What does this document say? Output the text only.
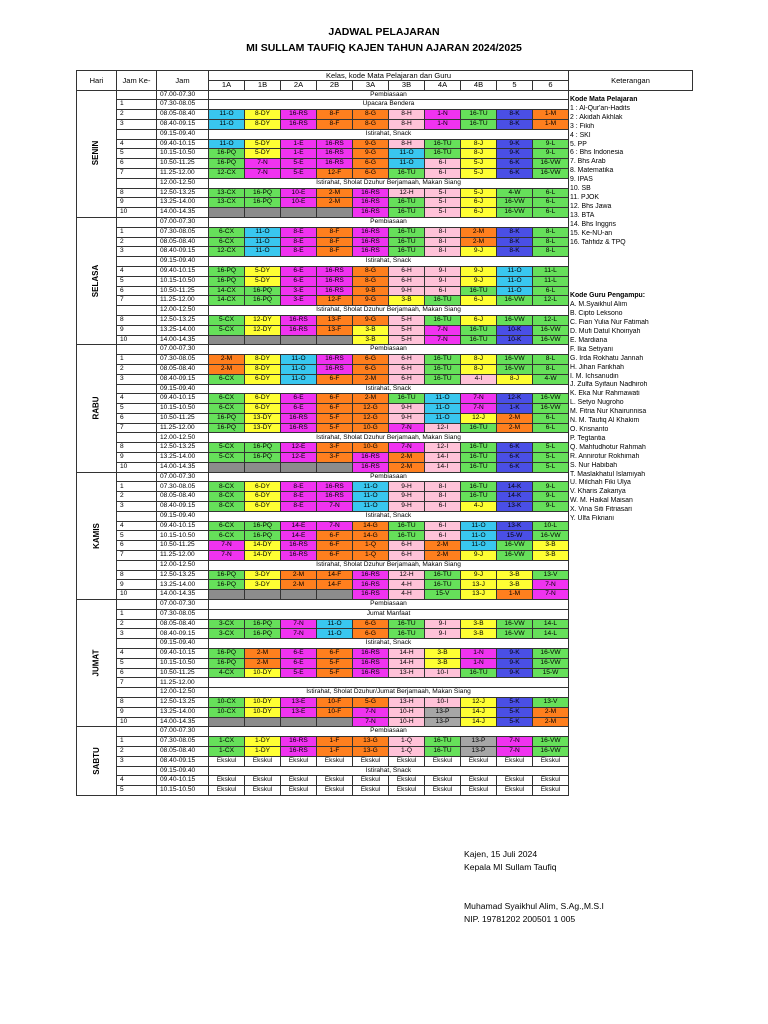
JADWAL PELAJARAN
MI SULLAM TAUFIQ KAJEN TAHUN AJARAN 2024/2025
Hari	Jam Ke-	Jam	Kelas, kode Mata Pelajaran dan Guru										Keterangan
			1A	1B	2A	2B	3A	3B	4A	4B	5	6	
SENIN		07.00-07.30	Pembiasaan										
	1	07.30-08.05	Upacara Bendera										
	2	08.05-08.40	11-O	8-DY	16-RS	8-F	8-G	8-H	1-N	16-TU	8-K	1-M	
	3	08.40-09.15	11-O	8-DY	16-RS	8-F	8-G	8-H	1-N	16-TU	8-K	1-M	
		09.15-09.40	Istirahat, Snack										
	4	09.40-10.15	11-O	5-DY	1-E	16-RS	9-G	8-H	16-TU	8-J	9-K	9-L	
	5	10.15-10.50	16-PQ	5-DY	1-E	16-RS	9-G	11-O	16-TU	8-J	9-K	9-L	
	6	10.50-11.25	16-PQ	7-N	5-E	16-RS	6-G	11-O	6-I	5-J	6-K	16-VW	
	7	11.25-12.00	12-CX	7-N	5-E	12-F	6-G	16-TU	6-I	5-J	6-K	16-VW	
		12.00-12.50	Istirahat, Sholat Dzuhur Berjamaah, Makan Siang										
	8	12.50-13.25	13-CX	16-PQ	10-E	2-M	16-RS	12-H	5-I	5-J	4-W	6-L	
	9	13.25-14.00	13-CX	16-PQ	10-E	2-M	16-RS	16-TU	5-I	6-J	16-VW	6-L	
	10	14.00-14.35					16-RS	16-TU	5-I	6-J	16-VW	6-L	
SELASA		07.00-07.30	Pembiasaan										
	1	07.30-08.05	6-CX	11-O	8-E	8-F	16-RS	16-TU	8-I	2-M	8-K	8-L	
	2	08.05-08.40	6-CX	11-O	8-E	8-F	16-RS	16-TU	8-I	2-M	8-K	8-L	
	3	08.40-09.15	12-CX	11-O	8-E	8-F	16-RS	16-TU	8-I	9-J	8-K	8-L	
		09.15-09.40	Istirahat, Snack										
	4	09.40-10.15	16-PQ	5-DY	6-E	16-RS	8-G	6-H	9-I	9-J	11-O	11-L	
	5	10.15-10.50	16-PQ	5-DY	6-E	16-RS	8-G	6-H	9-I	9-J	11-O	11-L	
	6	10.50-11.25	14-CX	16-PQ	3-E	16-RS	9-B	9-H	6-I	16-TU	11-O	6-L	
	7	11.25-12.00	14-CX	16-PQ	3-E	12-F	9-G	3-B	16-TU	6-J	16-VW	12-L	
		12.00-12.50	Istirahat, Sholat Dzuhur Berjamaah, Makan Siang										
	8	12.50-13.25	5-CX	12-DY	16-RS	13-F	9-G	5-H	16-TU	6-J	16-VW	12-L	
	9	13.25-14.00	5-CX	12-DY	16-RS	13-F	3-B	5-H	7-N	16-TU	10-K	16-VW	
	10	14.00-14.35					3-B	5-H	7-N	16-TU	10-K	16-VW	
RABU		07.00-07.30	Pembiasaan										
	1	07.30-08.05	2-M	8-DY	11-O	16-RS	6-G	6-H	16-TU	8-J	16-VW	8-L	
	2	08.05-08.40	2-M	8-DY	11-O	16-RS	6-G	6-H	16-TU	8-J	16-VW	8-L	
	3	08.40-09.15	6-CX	6-DY	11-O	6-F	2-M	6-H	16-TU	4-I	8-J	4-W	
		09.15-09.40	Istirahat, Snack										
	4	09.40-10.15	6-CX	6-DY	6-E	6-F	2-M	16-TU	11-O	7-N	12-K	16-VW	
	5	10.15-10.50	6-CX	6-DY	6-E	6-F	12-G	9-H	11-O	7-N	1-K	16-VW	
	6	10.50-11.25	16-PQ	13-DY	16-RS	5-F	12-G	9-H	11-O	12-J	2-M	6-L	
	7	11.25-12.00	16-PQ	13-DY	16-RS	5-F	10-G	7-N	12-I	16-TU	2-M	6-L	
		12.00-12.50	Istirahat, Sholat Dzuhur Berjamaah, Makan Siang										
	8	12.50-13.25	5-CX	16-PQ	12-E	3-F	10-G	7-N	12-I	16-TU	6-K	5-L	
	9	13.25-14.00	5-CX	16-PQ	12-E	3-F	16-RS	2-M	14-I	16-TU	6-K	5-L	
	10	14.00-14.35					16-RS	2-M	14-I	16-TU	6-K	5-L	
KAMIS		07.00-07.30	Pembiasaan										
	1	07.30-08.05	8-CX	6-DY	8-E	16-RS	11-O	9-H	8-I	16-TU	14-K	9-L	
	2	08.05-08.40	8-CX	6-DY	8-E	16-RS	11-O	9-H	8-I	16-TU	14-K	9-L	
	3	08.40-09.15	8-CX	6-DY	8-E	7-N	11-O	9-H	6-I	4-J	13-K	9-L	
		09.15-09.40	Istirahat, Snack										
	4	09.40-10.15	6-CX	16-PQ	14-E	7-N	14-G	16-TU	6-I	11-O	13-K	10-L	
	5	10.15-10.50	6-CX	16-PQ	14-E	6-F	14-G	16-TU	6-I	11-O	15-W	16-VW	
	6	10.50-11.25	7-N	14-DY	16-RS	6-F	1-Q	6-H	2-M	11-O	16-VW	3-B	
	7	11.25-12.00	7-N	14-DY	16-RS	6-F	1-Q	6-H	2-M	9-J	16-VW	3-B	
		12.00-12.50	Istirahat, Sholat Dzuhur Berjamaah, Makan Siang										
	8	12.50-13.25	16-PQ	3-DY	2-M	14-F	16-RS	12-H	16-TU	9-J	3-B	13-V	
	9	13.25-14.00	16-PQ	3-DY	2-M	14-F	16-RS	4-H	16-TU	13-J	3-B	7-N	
	10	14.00-14.35					16-RS	4-H	15-V	13-J	1-M	7-N	
JUMAT		07.00-07.30	Pembiasaan										
	1	07.30-08.05	Jumat Manfaat										
	2	08.05-08.40	3-CX	16-PQ	7-N	11-O	6-G	16-TU	9-I	3-B	16-VW	14-L	
	3	08.40-09.15	3-CX	16-PQ	7-N	11-O	6-G	16-TU	9-I	3-B	16-VW	14-L	
		09.15-09.40	Istirahat, Snack										
	4	09.40-10.15	16-PQ	2-M	6-E	6-F	16-RS	14-H	3-B	1-N	9-K	16-VW	
	5	10.15-10.50	16-PQ	2-M	6-E	5-F	16-RS	14-H	3-B	1-N	9-K	16-VW	
	6	10.50-11.25	4-CX	10-DY	5-E	5-F	16-RS	13-H	10-I	16-TU	9-K	15-W	
	7	11.25-12.00											
		12.00-12.50	Istirahat, Sholat Dzuhur/Jumat Berjamaah, Makan Siang										
	8	12.50-13.25	10-CX	10-DY	13-E	10-F	5-G	13-H	10-I	12-J	5-K	13-V	
	9	13.25-14.00	10-CX	10-DY	13-E	10-F	7-N	10-H	13-P	14-J	5-K	2-M	
	10	14.00-14.35					7-N	10-H	13-P	14-J	5-K	2-M	
SABTU		07.00-07.30	Pembiasaan										
	1	07.30-08.05	1-CX	1-DY	16-RS	1-F	13-G	1-Q	16-TU	13-P	7-N	16-VW	
	2	08.05-08.40	1-CX	1-DY	16-RS	1-F	13-G	1-Q	16-TU	13-P	7-N	16-VW	
	3	08.40-09.15	Ekskul	Ekskul	Ekskul	Ekskul	Ekskul	Ekskul	Ekskul	Ekskul	Ekskul	Ekskul	
		09.15-09.40	Istirahat, Snack										
	4	09.40-10.15	Ekskul	Ekskul	Ekskul	Ekskul	Ekskul	Ekskul	Ekskul	Ekskul	Ekskul	Ekskul	
	5	10.15-10.50	Ekskul	Ekskul	Ekskul	Ekskul	Ekskul	Ekskul	Ekskul	Ekskul	Ekskul	Ekskul	
Kode Mata Pelajaran
1 : Al-Qur'an-Hadits
2 : Akidah Akhlak
3 : Fikih
4 : SKI
5. PP
6 : Bhs Indonesia
7. Bhs Arab
8. Matematika
9. IPAS
10. SB
11. PJOK
12. Bhs Jawa
13. BTA
14. Bhs Inggris
15. Ke-NU-an
16. Tahfidz & TPQ
Kode Guru Pengampu:
A. M.Syaikhul Alim
B. Cipto Leksono
C. Fian Yulia Nur Fatimah
D. Mufi Datul Khoiriyah
E. Mardiana
F. Ika Setiyani
G. Irda Rokhatu Jannah
H. Jihan Farikhah
I. M. Ichsanudin
J. Zulfa Syifaun Nadhiroh
K. Eka Nur Rahmawati
L. Setyo Nugroho
M. Fitria Nur Khairunnisa
N. M. Taufiq Al Khakim
O. Krisnanto
P. Tegtantia
Q. Mahfudhotur Rahmah
R. Annirotur Rokhimah
S. Nur Habibah
T. Maslakhatul Islamiyah
U. Milchah Fiki Ulya
V. Kharis Zakariya
W. M. Haikal Maisan
X. Vina Siti Fitriasari
Y. Ulfa Fikriani
Kajen, 15 Juli 2024
Kepala MI Sullam Taufiq
Muhamad Syaikhul Alim, S.Ag.,M.S.I
NIP. 19781202 200501 1 005
